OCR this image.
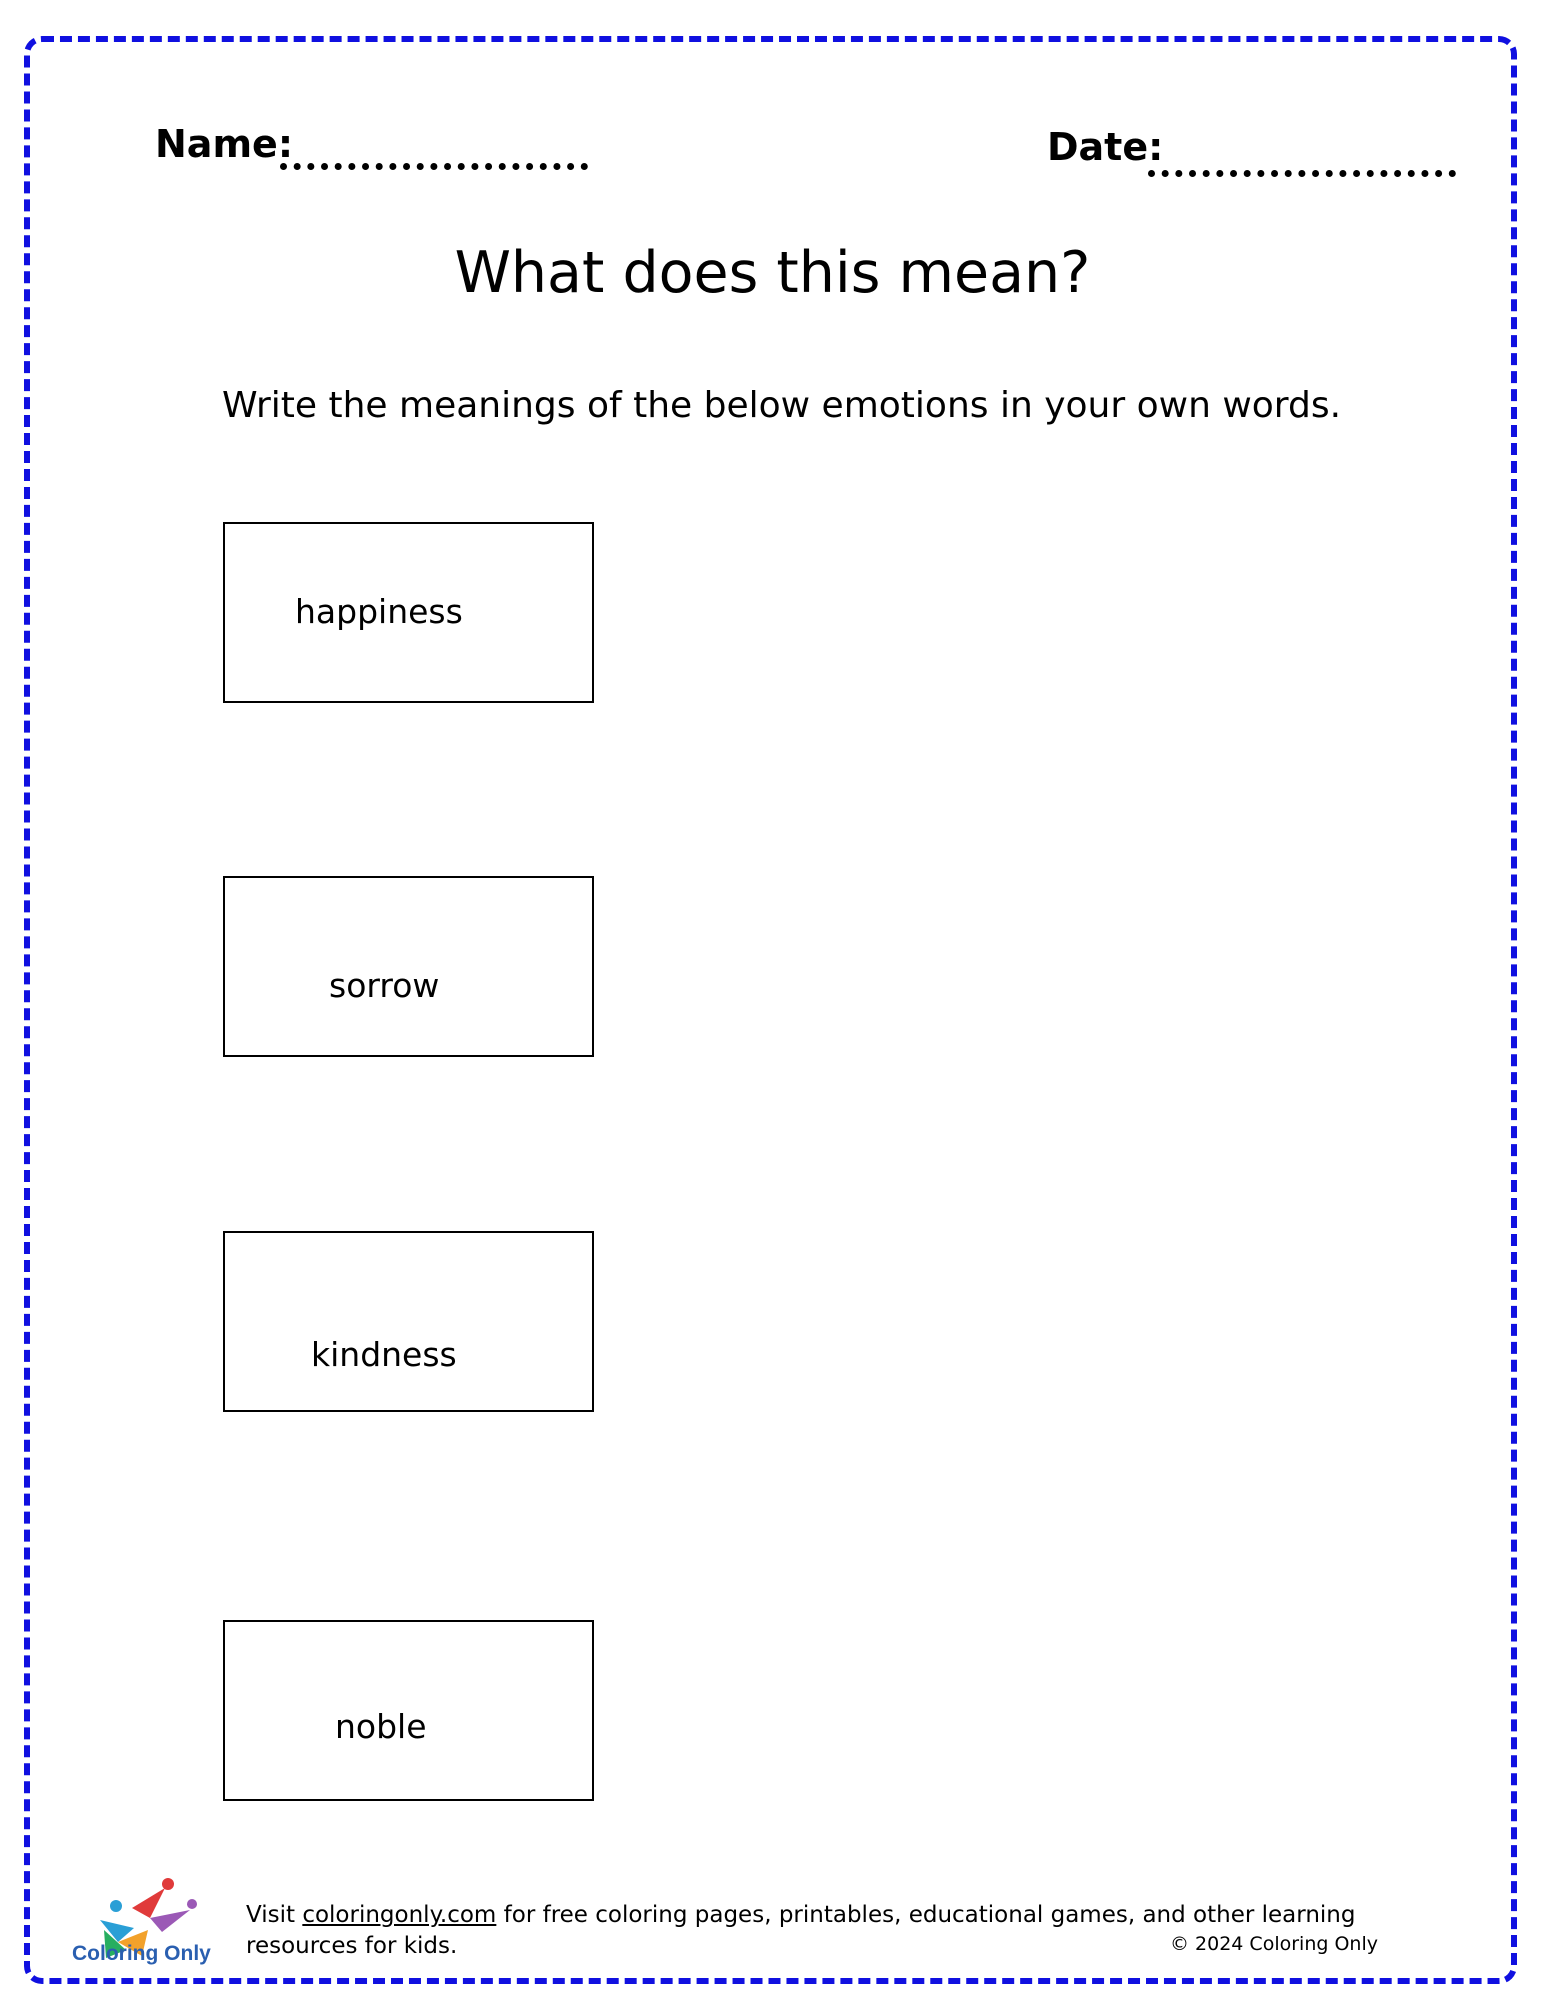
Name:	Date:
What does this mean?
Write the meanings of the below emotions in your own words.
happiness
sorrow
kindness
noble
Coloring Only
Visit coloringonly.com for free coloring pages, printables, educational games, and other learning resources for kids.	© 2024 Coloring Only
